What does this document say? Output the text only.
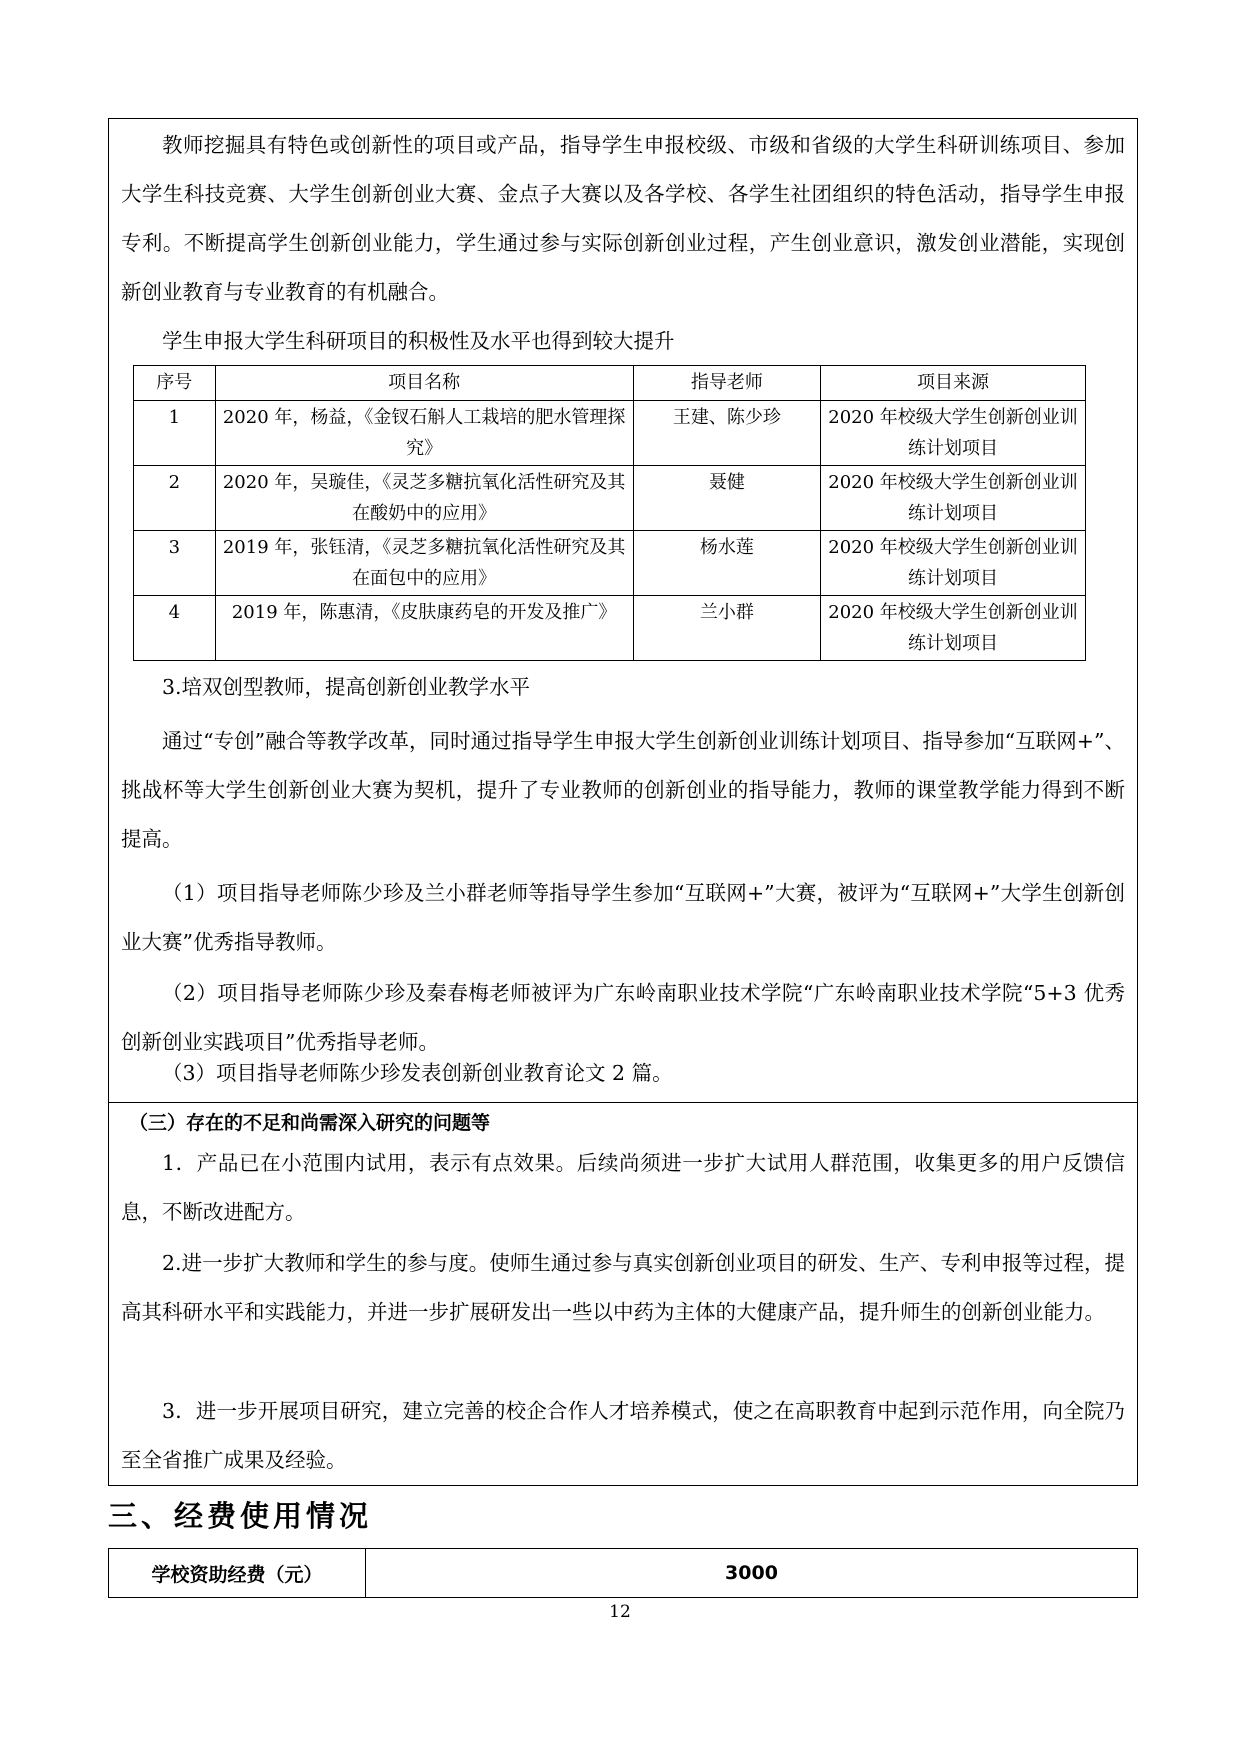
教师挖掘具有特色或创新性的项目或产品，指导学生申报校级、市级和省级的大学生科研训练项目、参加大学生科技竞赛、大学生创新创业大赛、金点子大赛以及各学校、各学生社团组织的特色活动，指导学生申报专利。不断提高学生创新创业能力，学生通过参与实际创新创业过程，产生创业意识，激发创业潜能，实现创新创业教育与专业教育的有机融合。

学生申报大学生科研项目的积极性及水平也得到较大提升

序号	项目名称	指导老师	项目来源
1	2020 年，杨益，《金钗石斛人工栽培的肥水管理探究》	王建、陈少珍	2020 年校级大学生创新创业训练计划项目
2	2020 年，吴璇佳，《灵芝多糖抗氧化活性研究及其在酸奶中的应用》	聂健	2020 年校级大学生创新创业训练计划项目
3	2019 年，张钰清，《灵芝多糖抗氧化活性研究及其在面包中的应用》	杨水莲	2020 年校级大学生创新创业训练计划项目
4	2019 年，陈惠清，《皮肤康药皂的开发及推广》	兰小群	2020 年校级大学生创新创业训练计划项目

3.培双创型教师，提高创新创业教学水平

通过“专创”融合等教学改革，同时通过指导学生申报大学生创新创业训练计划项目、指导参加“互联网+”、挑战杯等大学生创新创业大赛为契机，提升了专业教师的创新创业的指导能力，教师的课堂教学能力得到不断提高。

（1）项目指导老师陈少珍及兰小群老师等指导学生参加“互联网+”大赛，被评为“互联网+”大学生创新创业大赛”优秀指导教师。

（2）项目指导老师陈少珍及秦春梅老师被评为广东岭南职业技术学院“广东岭南职业技术学院“5+3 优秀创新创业实践项目”优秀指导老师。

（3）项目指导老师陈少珍发表创新创业教育论文 2 篇。

（三）存在的不足和尚需深入研究的问题等

1．产品已在小范围内试用，表示有点效果。后续尚须进一步扩大试用人群范围，收集更多的用户反馈信息，不断改进配方。

2.进一步扩大教师和学生的参与度。使师生通过参与真实创新创业项目的研发、生产、专利申报等过程，提高其科研水平和实践能力，并进一步扩展研发出一些以中药为主体的大健康产品，提升师生的创新创业能力。

3．进一步开展项目研究，建立完善的校企合作人才培养模式，使之在高职教育中起到示范作用，向全院乃至全省推广成果及经验。

三、经费使用情况
学校资助经费（元）	3000
12
